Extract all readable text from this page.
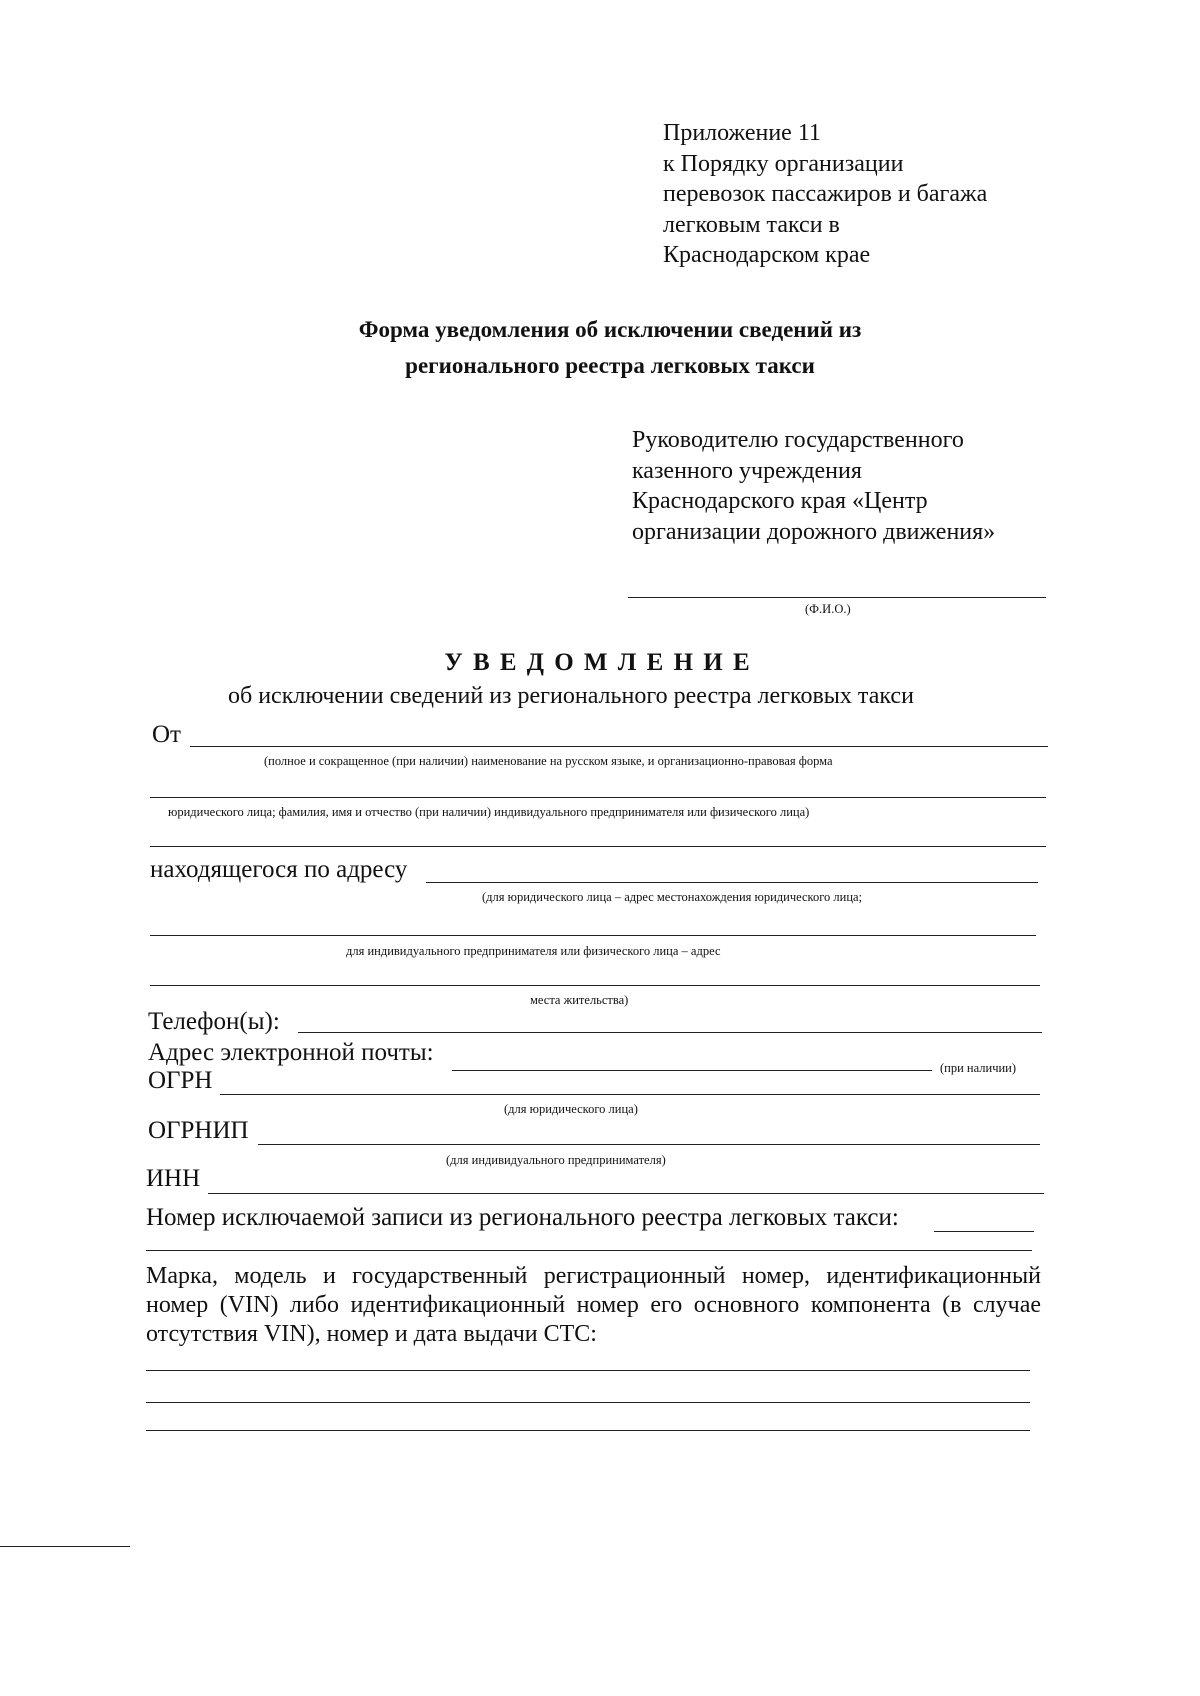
Приложение 11
к Порядку организации
перевозок пассажиров и багажа
легковым такси в
Краснодарском крае
Форма уведомления об исключении сведений из
регионального реестра легковых такси
Руководителю государственного
казенного учреждения
Краснодарского края «Центр
организации дорожного движения»
(Ф.И.О.)
У В Е Д О М Л Е Н И Е
об исключении сведений из регионального реестра легковых такси
От
(полное и сокращенное (при наличии) наименование на русском языке, и организационно-правовая форма
юридического лица; фамилия, имя и отчество (при наличии) индивидуального предпринимателя или физического лица)
находящегося по адресу
(для юридического лица – адрес местонахождения юридического лица;
для индивидуального предпринимателя или физического лица – адрес
места жительства)
Телефон(ы):
Адрес электронной почты:
(при наличии)
ОГРН
(для юридического лица)
ОГРНИП
(для индивидуального предпринимателя)
ИНН
Номер исключаемой записи из регионального реестра легковых такси:
Марка, модель и государственный регистрационный номер, идентификационный номер (VIN) либо идентификационный номер его основного компонента (в случае отсутствия VIN), номер и дата выдачи СТС:
